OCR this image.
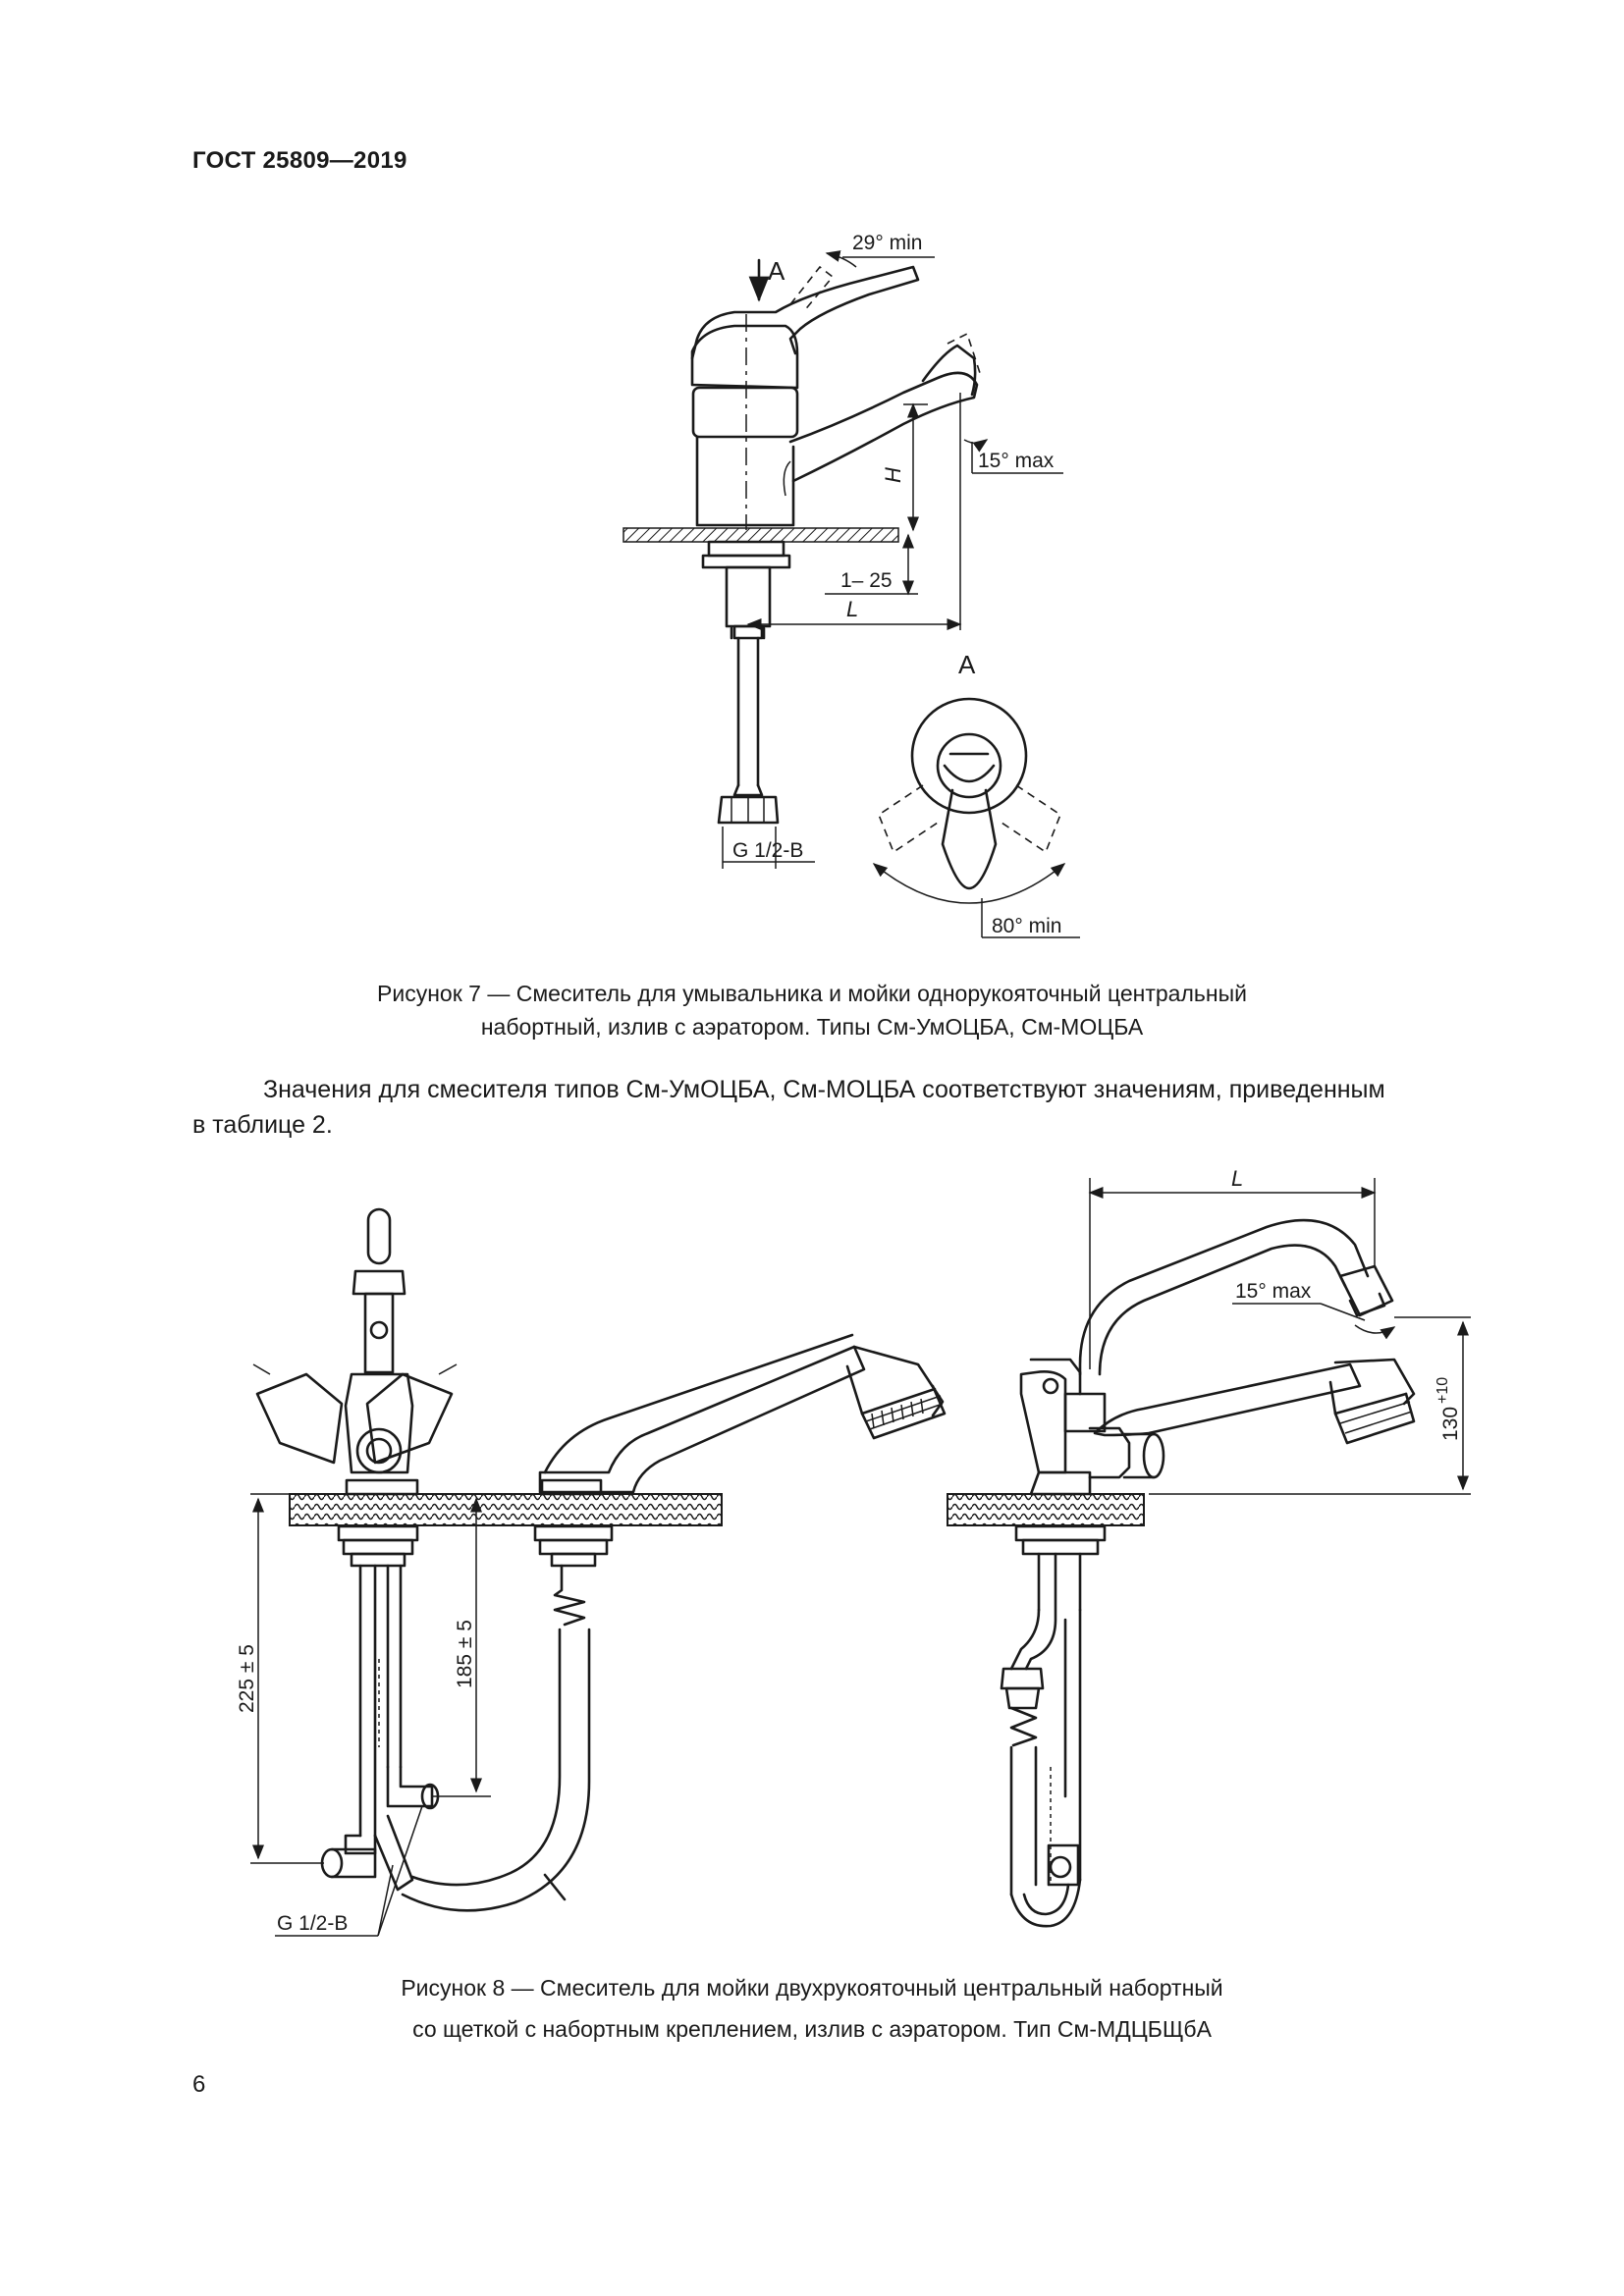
ГОСТ 25809—2019
A
29° min
H
15° max
1– 25
L
G 1/2-B
A
80° min
Рисунок 7 — Смеситель для умывальника и мойки однорукояточный центральный
набортный, излив с аэратором. Типы См-УмОЦБА, См-МОЦБА
Значения для смесителя типов См-УмОЦБА, См-МОЦБА соответствуют значениям, приведенным
в таблице 2.
225 ± 5	185 ± 5
G 1/2-B
L
15° max
130
+10
Рисунок 8 — Смеситель для мойки двухрукояточный центральный набортный
со щеткой с набортным креплением, излив с аэратором. Тип См-МДЦБЩбА
6
